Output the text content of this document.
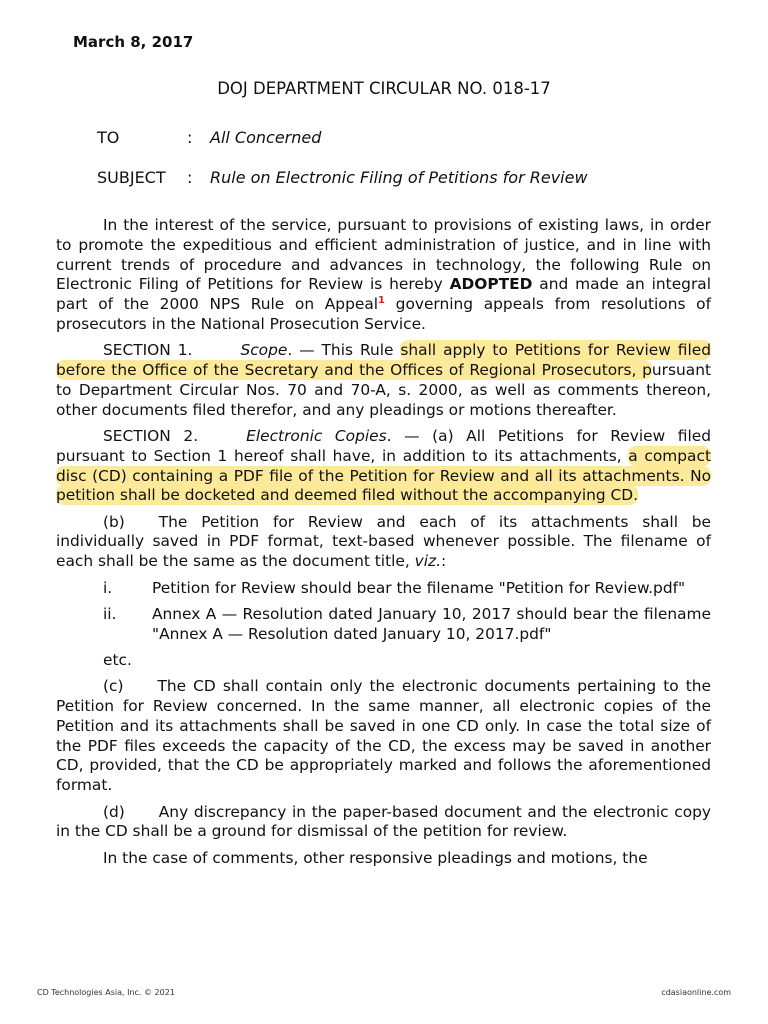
March 8, 2017
DOJ DEPARTMENT CIRCULAR NO. 018-17
TO	: All Concerned
SUBJECT : Rule on Electronic Filing of Petitions for Review

In the interest of the service, pursuant to provisions of existing laws, in order to promote the expeditious and efficient administration of justice, and in line with current trends of procedure and advances in technology, the following Rule on Electronic Filing of Petitions for Review is hereby ADOPTED and made an integral part of the 2000 NPS Rule on Appeal$^1$ governing appeals from resolutions of prosecutors in the National Prosecution Service.

SECTION 1.	Scope. — This Rule shall apply to Petitions for Review filed before the Office of the Secretary and the Offices of Regional Prosecutors, pursuant to Department Circular Nos. 70 and 70-A, s. 2000, as well as comments thereon, other documents filed therefor, and any pleadings or motions thereafter.

SECTION 2.	Electronic Copies. — (a) All Petitions for Review filed pursuant to Section 1 hereof shall have, in addition to its attachments, a compact disc (CD) containing a PDF file of the Petition for Review and all its attachments. No petition shall be docketed and deemed filed without the accompanying CD.

(b) The Petition for Review and each of its attachments shall be individually saved in PDF format, text-based whenever possible. The filename of each shall be the same as the document title, viz.:

i.	Petition for Review should bear the filename "Petition for Review.pdf"
ii. Annex A — Resolution dated January 10, 2017 should bear the filename "Annex A — Resolution dated January 10, 2017.pdf"

etc.

(c) The CD shall contain only the electronic documents pertaining to the Petition for Review concerned. In the same manner, all electronic copies of the Petition and its attachments shall be saved in one CD only. In case the total size of the PDF files exceeds the capacity of the CD, the excess may be saved in another CD, provided, that the CD be appropriately marked and follows the aforementioned format.

(d) Any discrepancy in the paper-based document and the electronic copy in the CD shall be a ground for dismissal of the petition for review.

In the case of comments, other responsive pleadings and motions, the

CD Technologies Asia, Inc. © 2021	cdasiaonline.com
